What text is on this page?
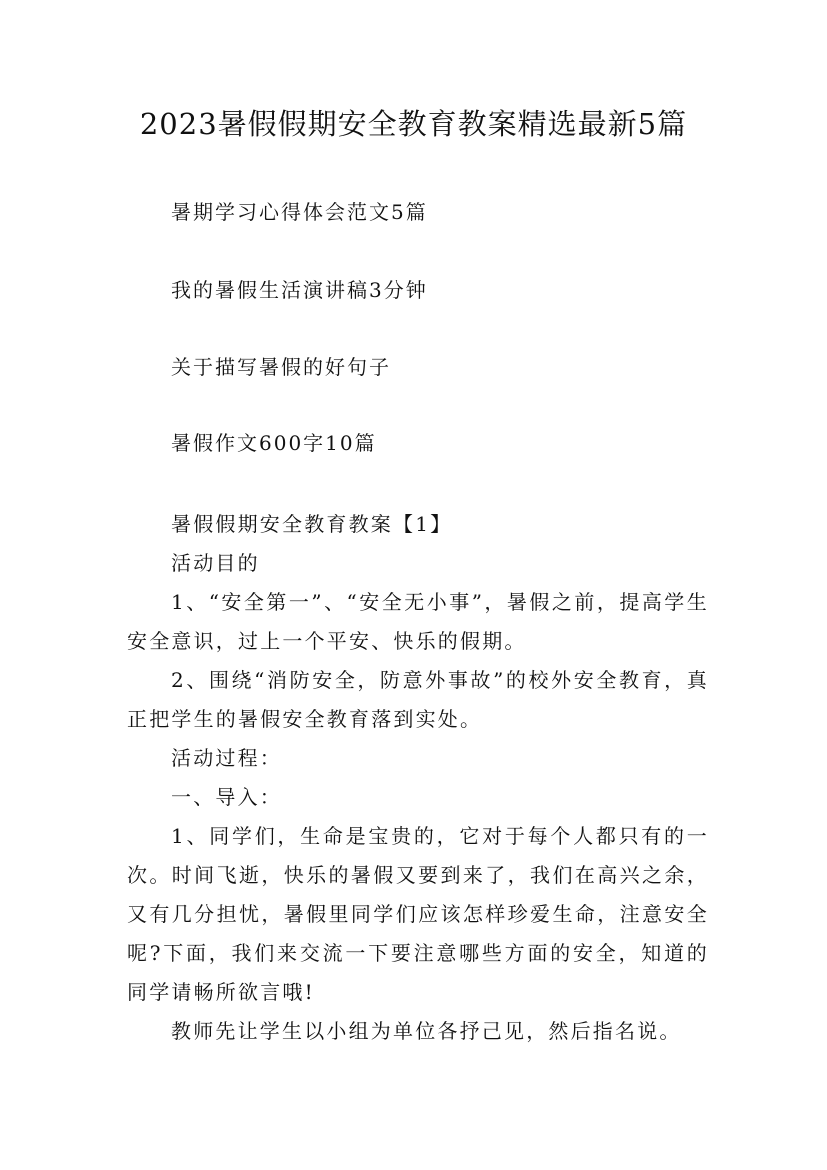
2023暑假假期安全教育教案精选最新5篇
暑期学习心得体会范文5篇
我的暑假生活演讲稿3分钟
关于描写暑假的好句子
暑假作文600字10篇

暑假假期安全教育教案【1】

活动目的

1、“安全第一”、“安全无小事”，暑假之前，提高学生安全意识，过上一个平安、快乐的假期。

2、围绕“消防安全，防意外事故”的校外安全教育，真正把学生的暑假安全教育落到实处。

活动过程：

一、导入：

1、同学们，生命是宝贵的，它对于每个人都只有的一次。时间飞逝，快乐的暑假又要到来了，我们在高兴之余，又有几分担忧，暑假里同学们应该怎样珍爱生命，注意安全呢?下面，我们来交流一下要注意哪些方面的安全，知道的同学请畅所欲言哦!

教师先让学生以小组为单位各抒己见，然后指名说。
